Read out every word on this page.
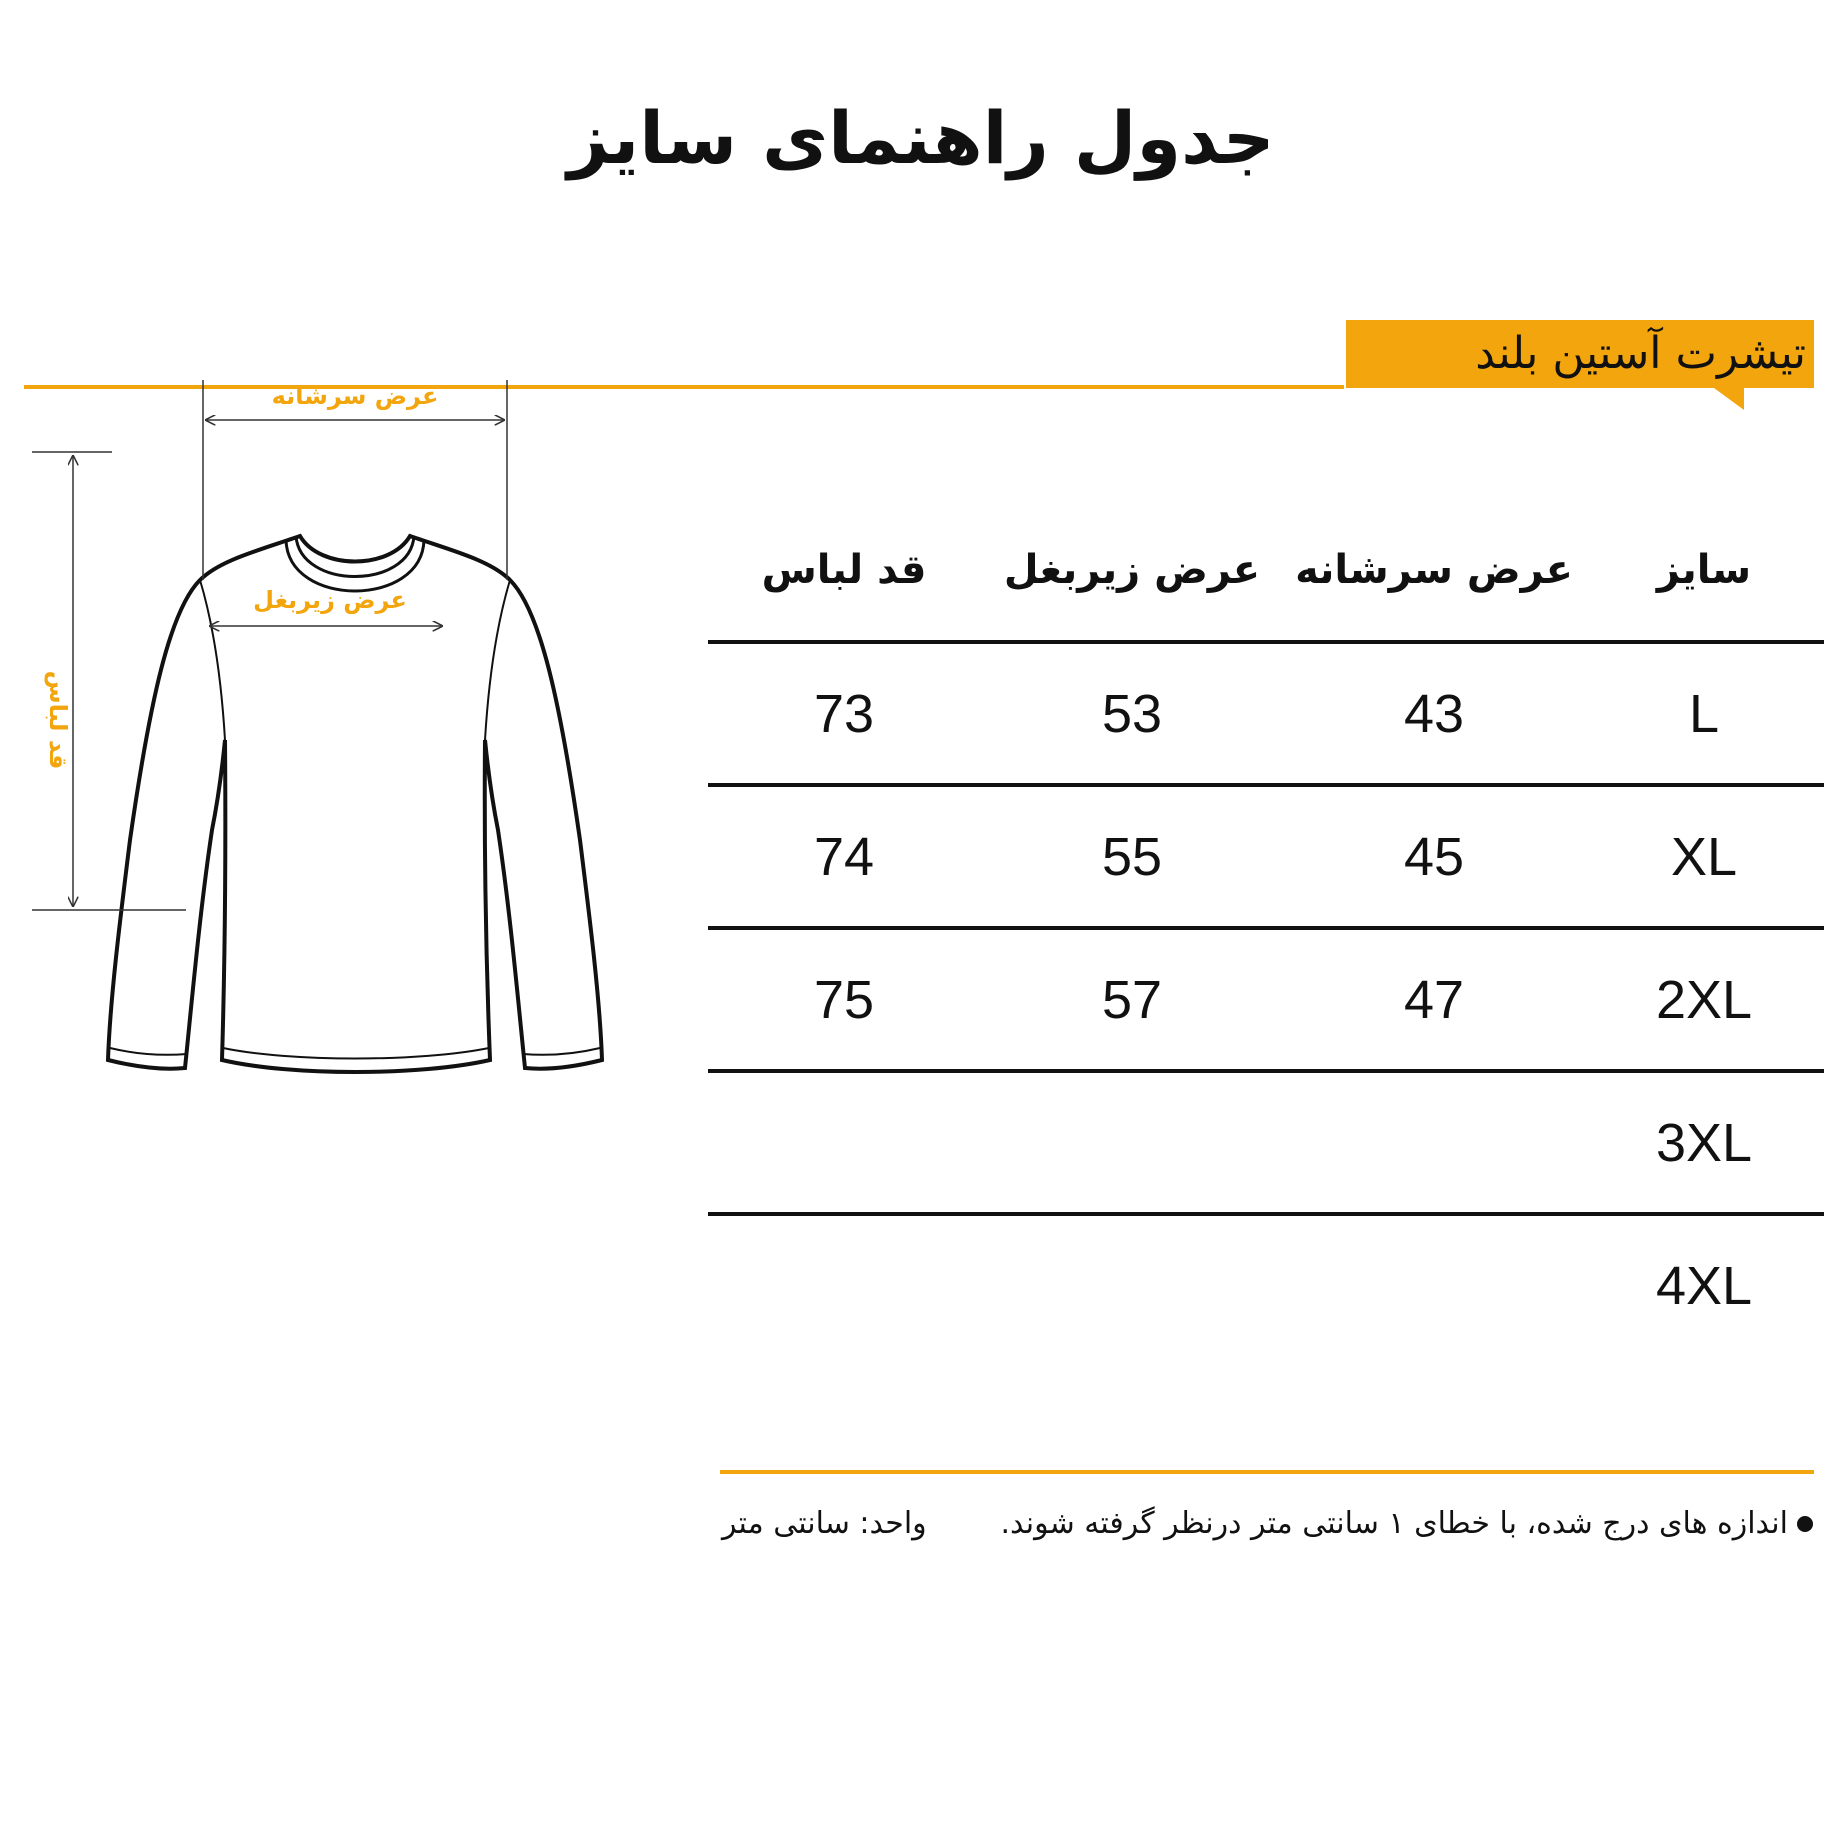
جدول راهنمای سایز
تیشرت آستین بلند
عرض سرشانه
عرض زیربغل
قد لباس
سایز	عرض سرشانه	عرض زیربغل	قد لباس
L	43	53	73
XL	45	55	74
2XL	47	57	75
3XL			
4XL			
اندازه های درج شده، با خطای ۱ سانتی متر درنظر گرفته شوند.
واحد: سانتی متر
